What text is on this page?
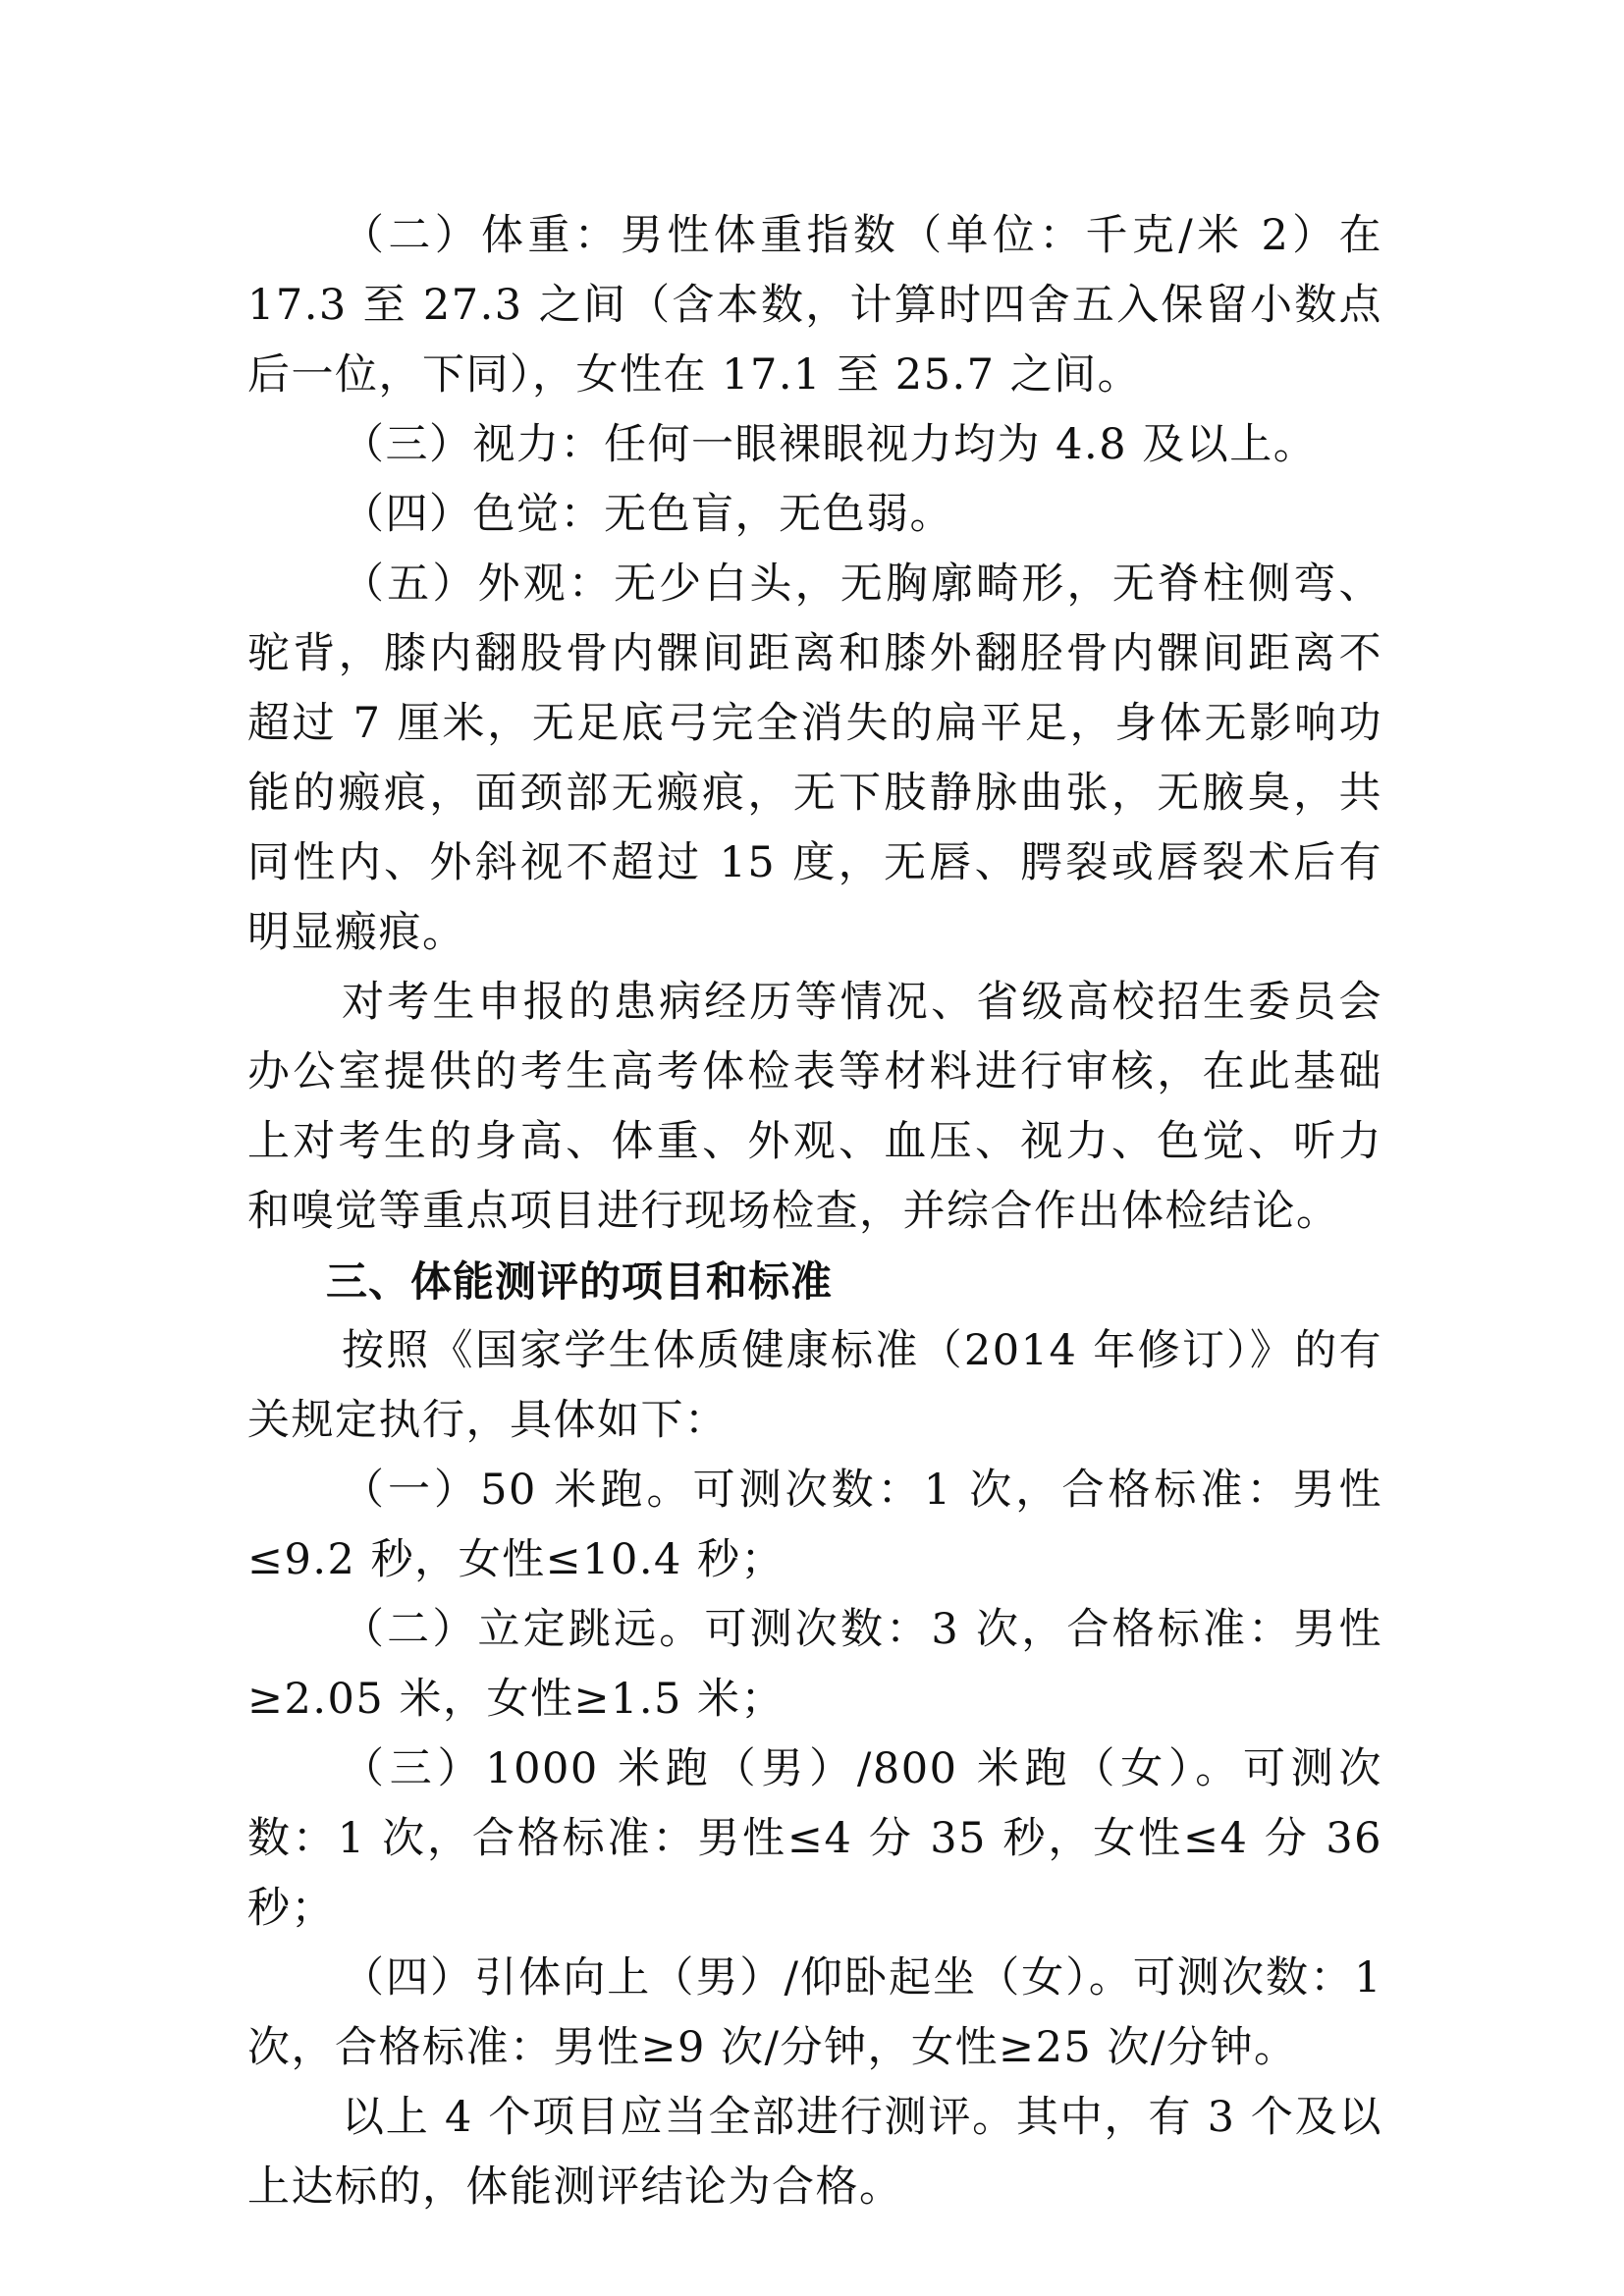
（二）体重：男性体重指数（单位：千克/米 2）在 17.3 至 27.3 之间（含本数，计算时四舍五入保留小数点后一位，下同），女性在 17.1 至 25.7 之间。

（三）视力：任何一眼裸眼视力均为 4.8 及以上。

（四）色觉：无色盲，无色弱。

（五）外观：无少白头，无胸廓畸形，无脊柱侧弯、驼背，膝内翻股骨内髁间距离和膝外翻胫骨内髁间距离不超过 7 厘米，无足底弓完全消失的扁平足，身体无影响功能的瘢痕，面颈部无瘢痕，无下肢静脉曲张，无腋臭，共同性内、外斜视不超过 15 度，无唇、腭裂或唇裂术后有明显瘢痕。

对考生申报的患病经历等情况、省级高校招生委员会办公室提供的考生高考体检表等材料进行审核，在此基础上对考生的身高、体重、外观、血压、视力、色觉、听力和嗅觉等重点项目进行现场检查，并综合作出体检结论。

三、体能测评的项目和标准

按照《国家学生体质健康标准（2014 年修订）》的有关规定执行，具体如下：

（一）50 米跑。可测次数：1 次，合格标准：男性≤9.2 秒，女性≤10.4 秒；

（二）立定跳远。可测次数：3 次，合格标准：男性≥2.05 米，女性≥1.5 米；

（三）1000 米跑（男）/800 米跑（女）。可测次数：1 次，合格标准：男性≤4 分 35 秒，女性≤4 分 36 秒；

（四）引体向上（男）/仰卧起坐（女）。可测次数：1 次，合格标准：男性≥9 次/分钟，女性≥25 次/分钟。

以上 4 个项目应当全部进行测评。其中，有 3 个及以上达标的，体能测评结论为合格。
